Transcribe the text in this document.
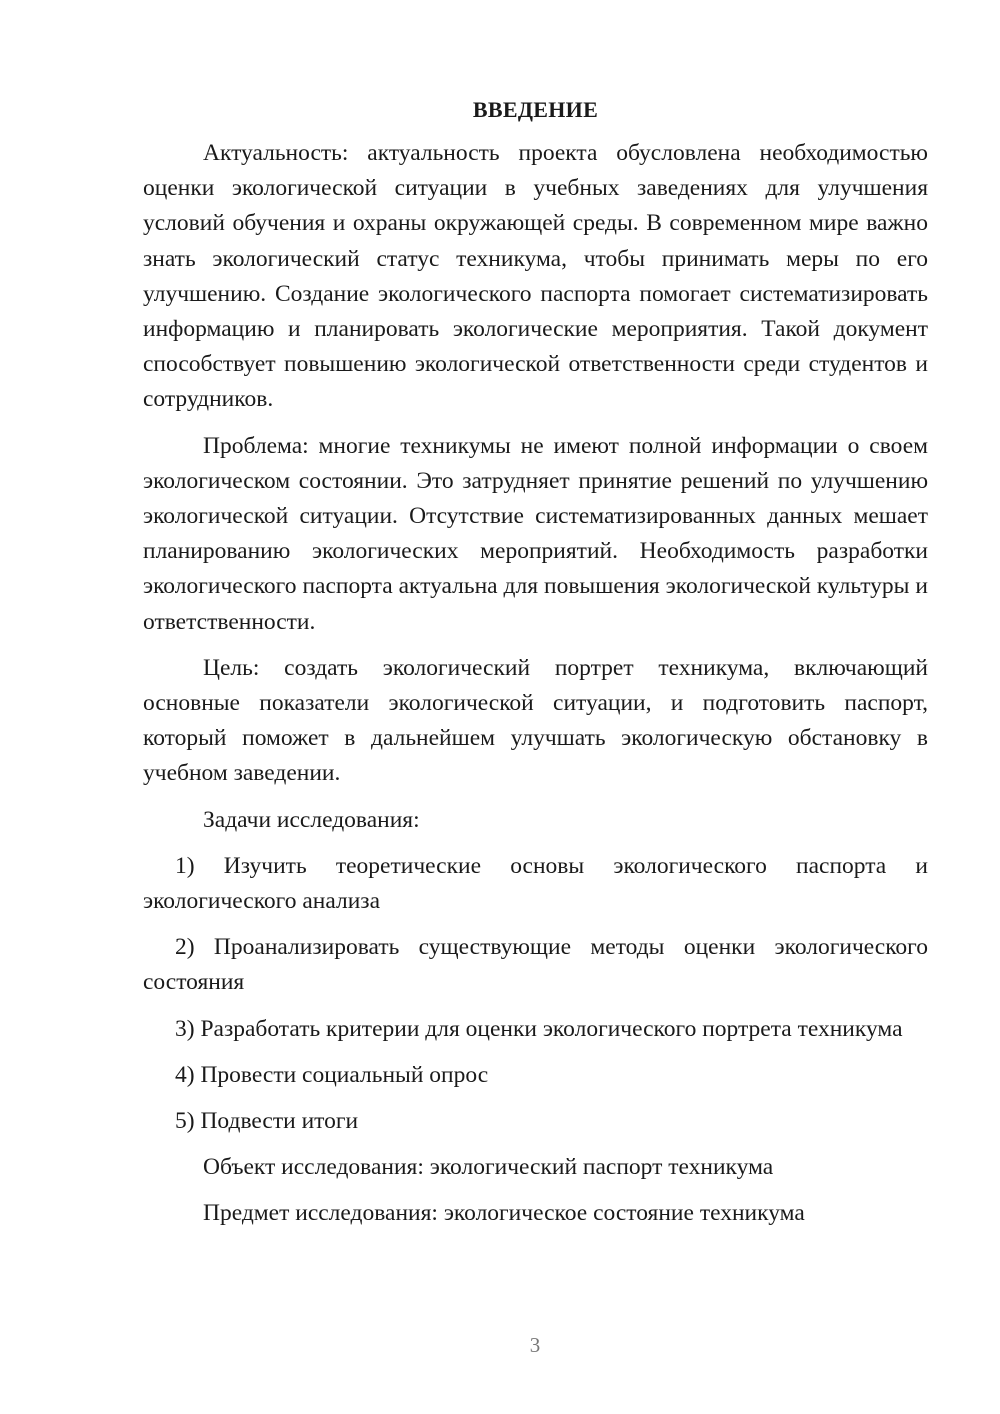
ВВЕДЕНИЕ

Актуальность: актуальность проекта обусловлена необходимостью оценки экологической ситуации в учебных заведениях для улучшения условий обучения и охраны окружающей среды. В современном мире важно знать экологический статус техникума, чтобы принимать меры по его улучшению. Создание экологического паспорта помогает систематизировать информацию и планировать экологические мероприятия. Такой документ способствует повышению экологической ответственности среди студентов и сотрудников.

Проблема: многие техникумы не имеют полной информации о своем экологическом состоянии. Это затрудняет принятие решений по улучшению экологической ситуации. Отсутствие систематизированных данных мешает планированию экологических мероприятий. Необходимость разработки экологического паспорта актуальна для повышения экологической культуры и ответственности.

Цель: создать экологический портрет техникума, включающий основные показатели экологической ситуации, и подготовить паспорт, который поможет в дальнейшем улучшать экологическую обстановку в учебном заведении.

Задачи исследования:

1) Изучить теоретические основы экологического паспорта и экологического анализа

2) Проанализировать существующие методы оценки экологического состояния

3) Разработать критерии для оценки экологического портрета техникума

4) Провести социальный опрос

5) Подвести итоги

Объект исследования: экологический паспорт техникума

Предмет исследования: экологическое состояние техникума

3
